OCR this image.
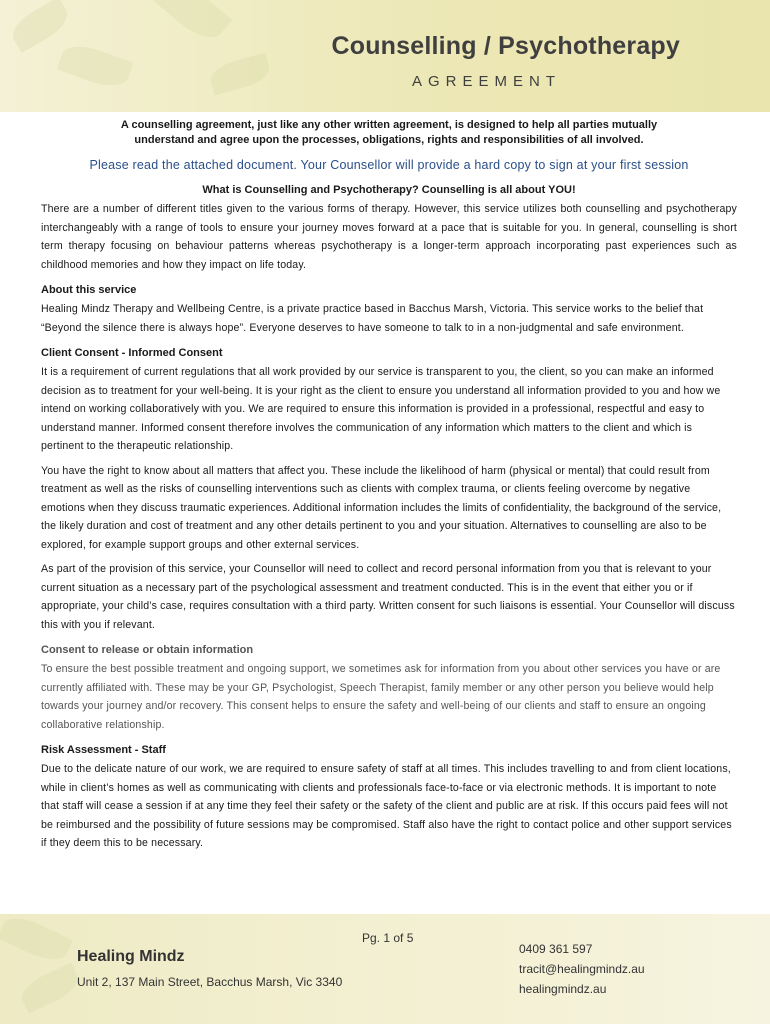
Counselling / Psychotherapy
AGREEMENT

A counselling agreement, just like any other written agreement, is designed to help all parties mutually

understand and agree upon the processes, obligations, rights and responsibilities of all involved.

Please read the attached document. Your Counsellor will provide a hard copy to sign at your first session
What is Counselling and Psychotherapy? Counselling is all about YOU!

There are a number of different titles given to the various forms of therapy. However, this service utilizes both counselling and psychotherapy interchangeably with a range of tools to ensure your journey moves forward at a pace that is suitable for you. In general, counselling is short term therapy focusing on behaviour patterns whereas psychotherapy is a longer-term approach incorporating past experiences such as childhood memories and how they impact on life today.

About this service

Healing Mindz Therapy and Wellbeing Centre, is a private practice based in Bacchus Marsh, Victoria. This service works to the belief that “Beyond the silence there is always hope”. Everyone deserves to have someone to talk to in a non-judgmental and safe environment.

Client Consent - Informed Consent

It is a requirement of current regulations that all work provided by our service is transparent to you, the client, so you can make an informed decision as to treatment for your well-being. It is your right as the client to ensure you understand all information provided to you and how we intend on working collaboratively with you. We are required to ensure this information is provided in a professional, respectful and easy to understand manner. Informed consent therefore involves the communication of any information which matters to the client and which is pertinent to the therapeutic relationship.

You have the right to know about all matters that affect you. These include the likelihood of harm (physical or mental) that could result from treatment as well as the risks of counselling interventions such as clients with complex trauma, or clients feeling overcome by negative emotions when they discuss traumatic experiences. Additional information includes the limits of confidentiality, the background of the service, the likely duration and cost of treatment and any other details pertinent to you and your situation. Alternatives to counselling are also to be explored, for example support groups and other external services.

As part of the provision of this service, your Counsellor will need to collect and record personal information from you that is relevant to your current situation as a necessary part of the psychological assessment and treatment conducted. This is in the event that either you or if appropriate, your child’s case, requires consultation with a third party. Written consent for such liaisons is essential. Your Counsellor will discuss this with you if relevant.

Consent to release or obtain information

To ensure the best possible treatment and ongoing support, we sometimes ask for information from you about other services you have or are currently affiliated with. These may be your GP, Psychologist, Speech Therapist, family member or any other person you believe would help towards your journey and/or recovery. This consent helps to ensure the safety and well-being of our clients and staff to ensure an ongoing collaborative relationship.

Risk Assessment - Staff

Due to the delicate nature of our work, we are required to ensure safety of staff at all times. This includes travelling to and from client locations, while in client’s homes as well as communicating with clients and professionals face-to-face or via electronic methods. It is important to note that staff will cease a session if at any time they feel their safety or the safety of the client and public are at risk. If this occurs paid fees will not be reimbursed and the possibility of future sessions may be compromised. Staff also have the right to contact police and other support services if they deem this to be necessary.

Pg. 1 of 5
Healing Mindz
Unit 2, 137 Main Street, Bacchus Marsh, Vic 3340
0409 361 597
tracit@healingmindz.au
healingmindz.au
